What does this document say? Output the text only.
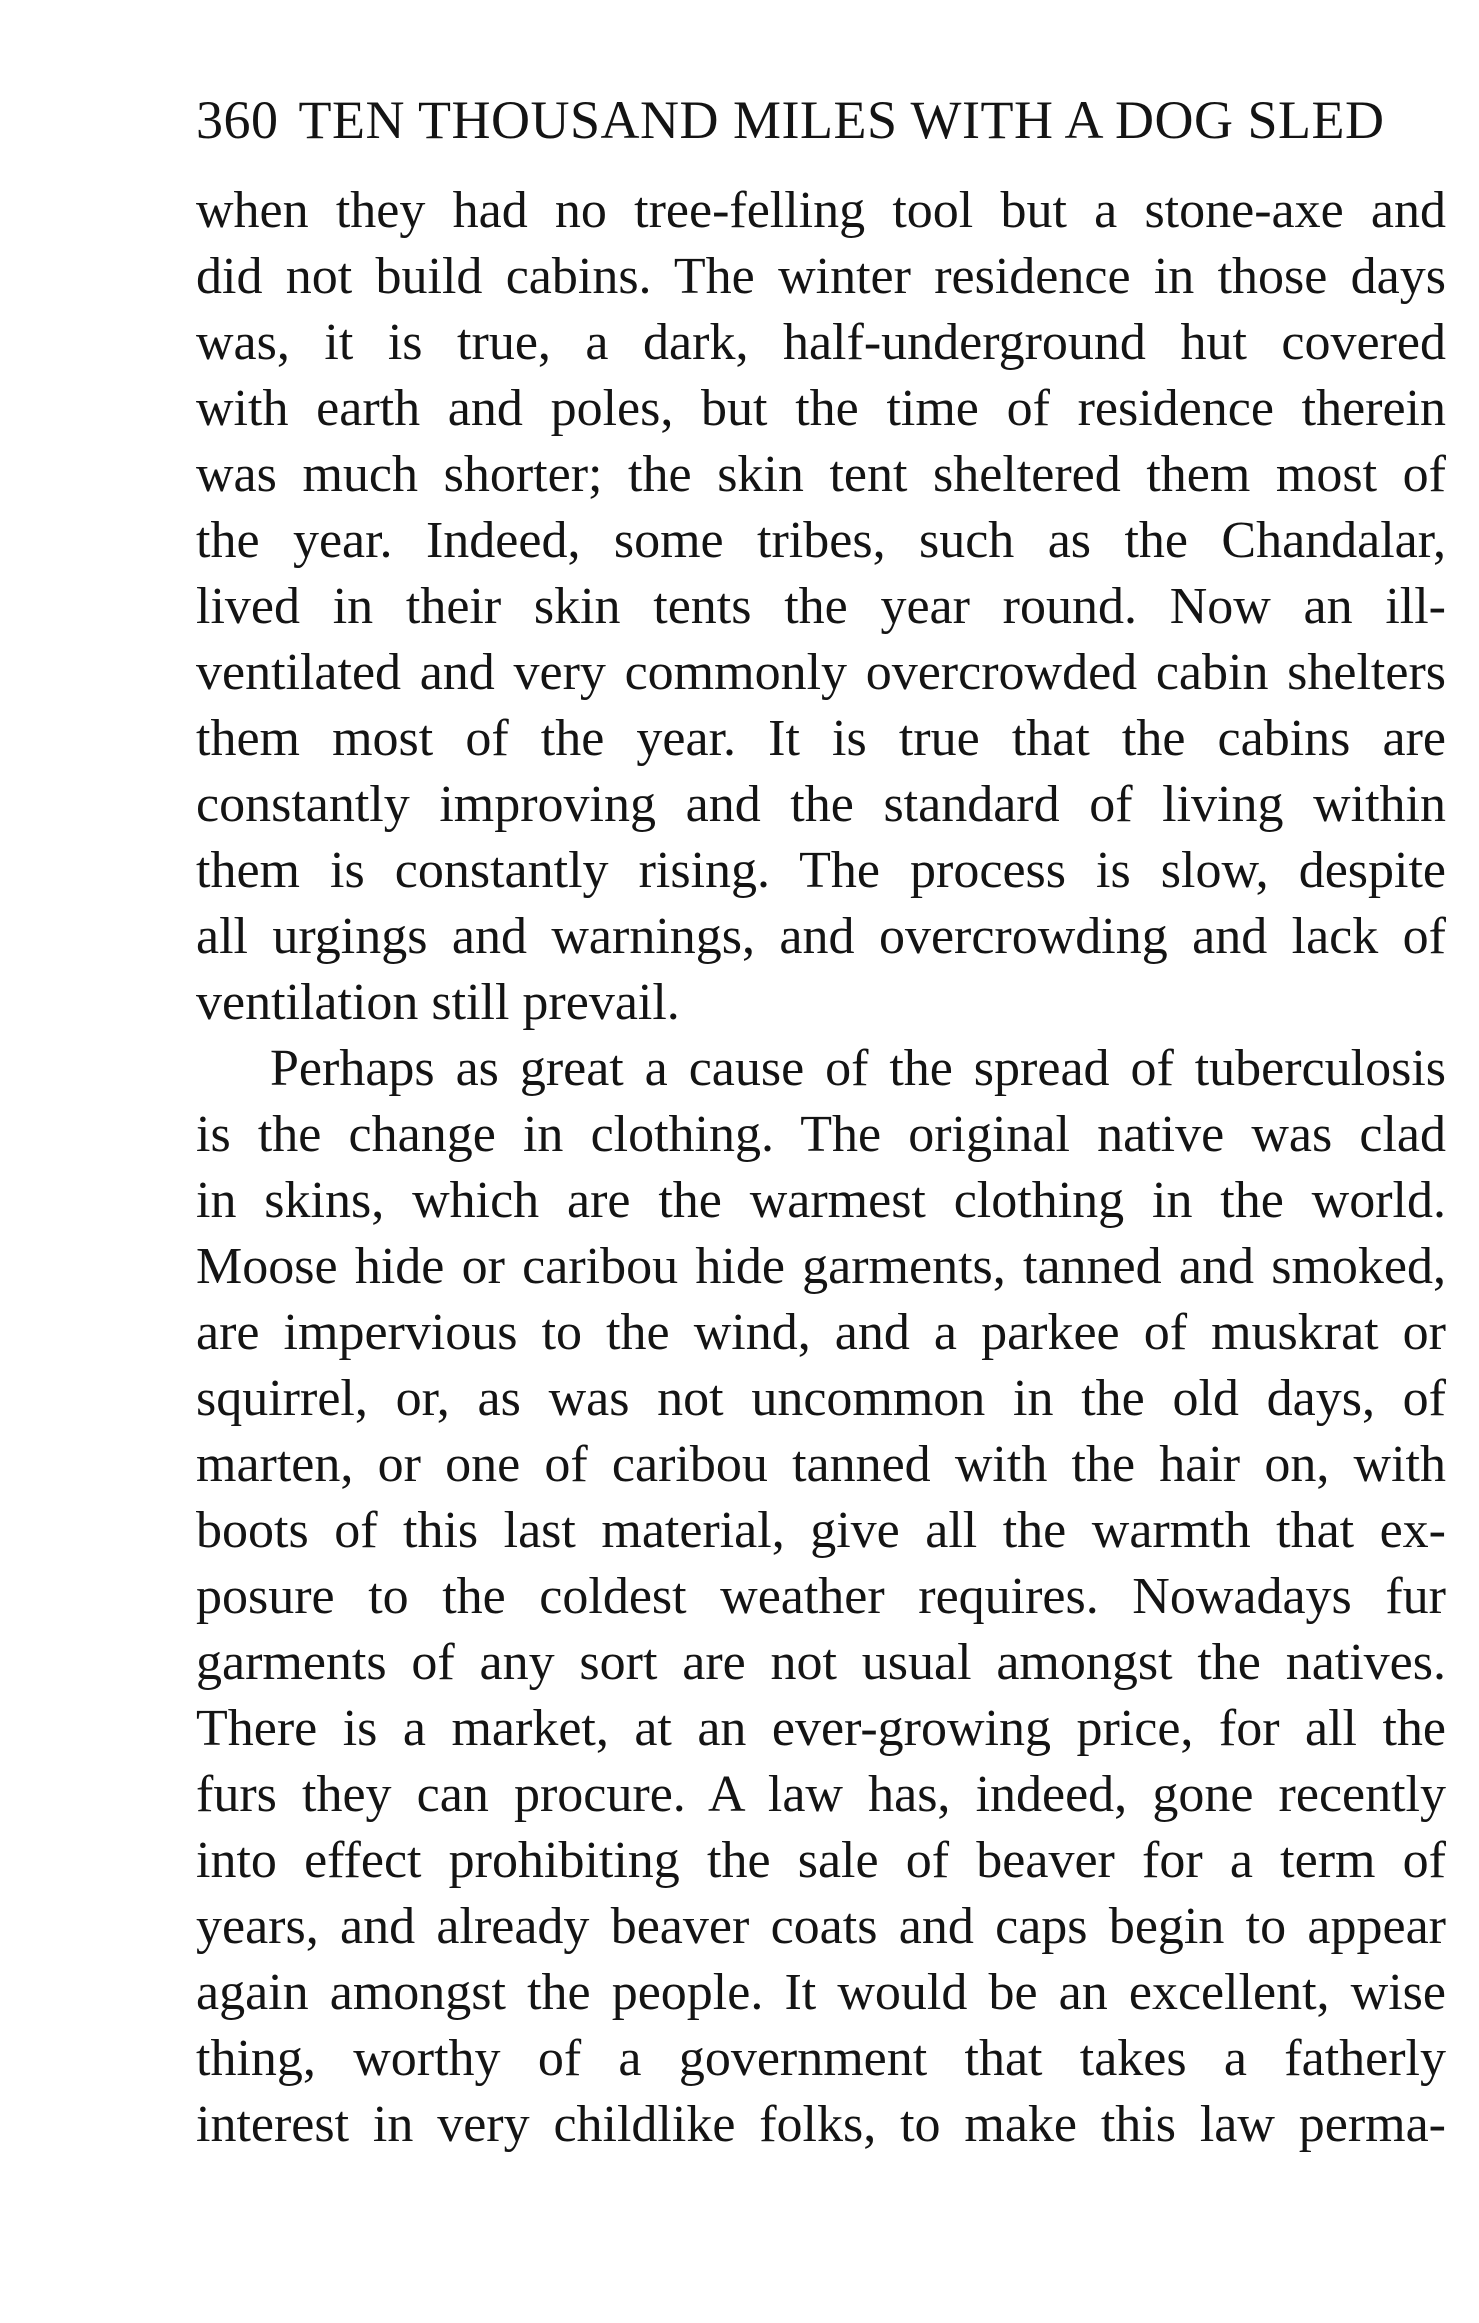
360 TEN THOUSAND MILES WITH A DOG SLED
when they had no tree-felling tool but a stone-axe and
did not build cabins. The winter residence in those days
was, it is true, a dark, half-underground hut covered
with earth and poles, but the time of residence therein
was much shorter; the skin tent sheltered them most of
the year. Indeed, some tribes, such as the Chandalar,
lived in their skin tents the year round. Now an ill-
ventilated and very commonly overcrowded cabin shelters
them most of the year. It is true that the cabins are
constantly improving and the standard of living within
them is constantly rising. The process is slow, despite
all urgings and warnings, and overcrowding and lack of
ventilation still prevail.
Perhaps as great a cause of the spread of tuberculosis
is the change in clothing. The original native was clad
in skins, which are the warmest clothing in the world.
Moose hide or caribou hide garments, tanned and smoked,
are impervious to the wind, and a parkee of muskrat or
squirrel, or, as was not uncommon in the old days, of
marten, or one of caribou tanned with the hair on, with
boots of this last material, give all the warmth that ex-
posure to the coldest weather requires. Nowadays fur
garments of any sort are not usual amongst the natives.
There is a market, at an ever-growing price, for all the
furs they can procure. A law has, indeed, gone recently
into effect prohibiting the sale of beaver for a term of
years, and already beaver coats and caps begin to appear
again amongst the people. It would be an excellent, wise
thing, worthy of a government that takes a fatherly
interest in very childlike folks, to make this law perma-
